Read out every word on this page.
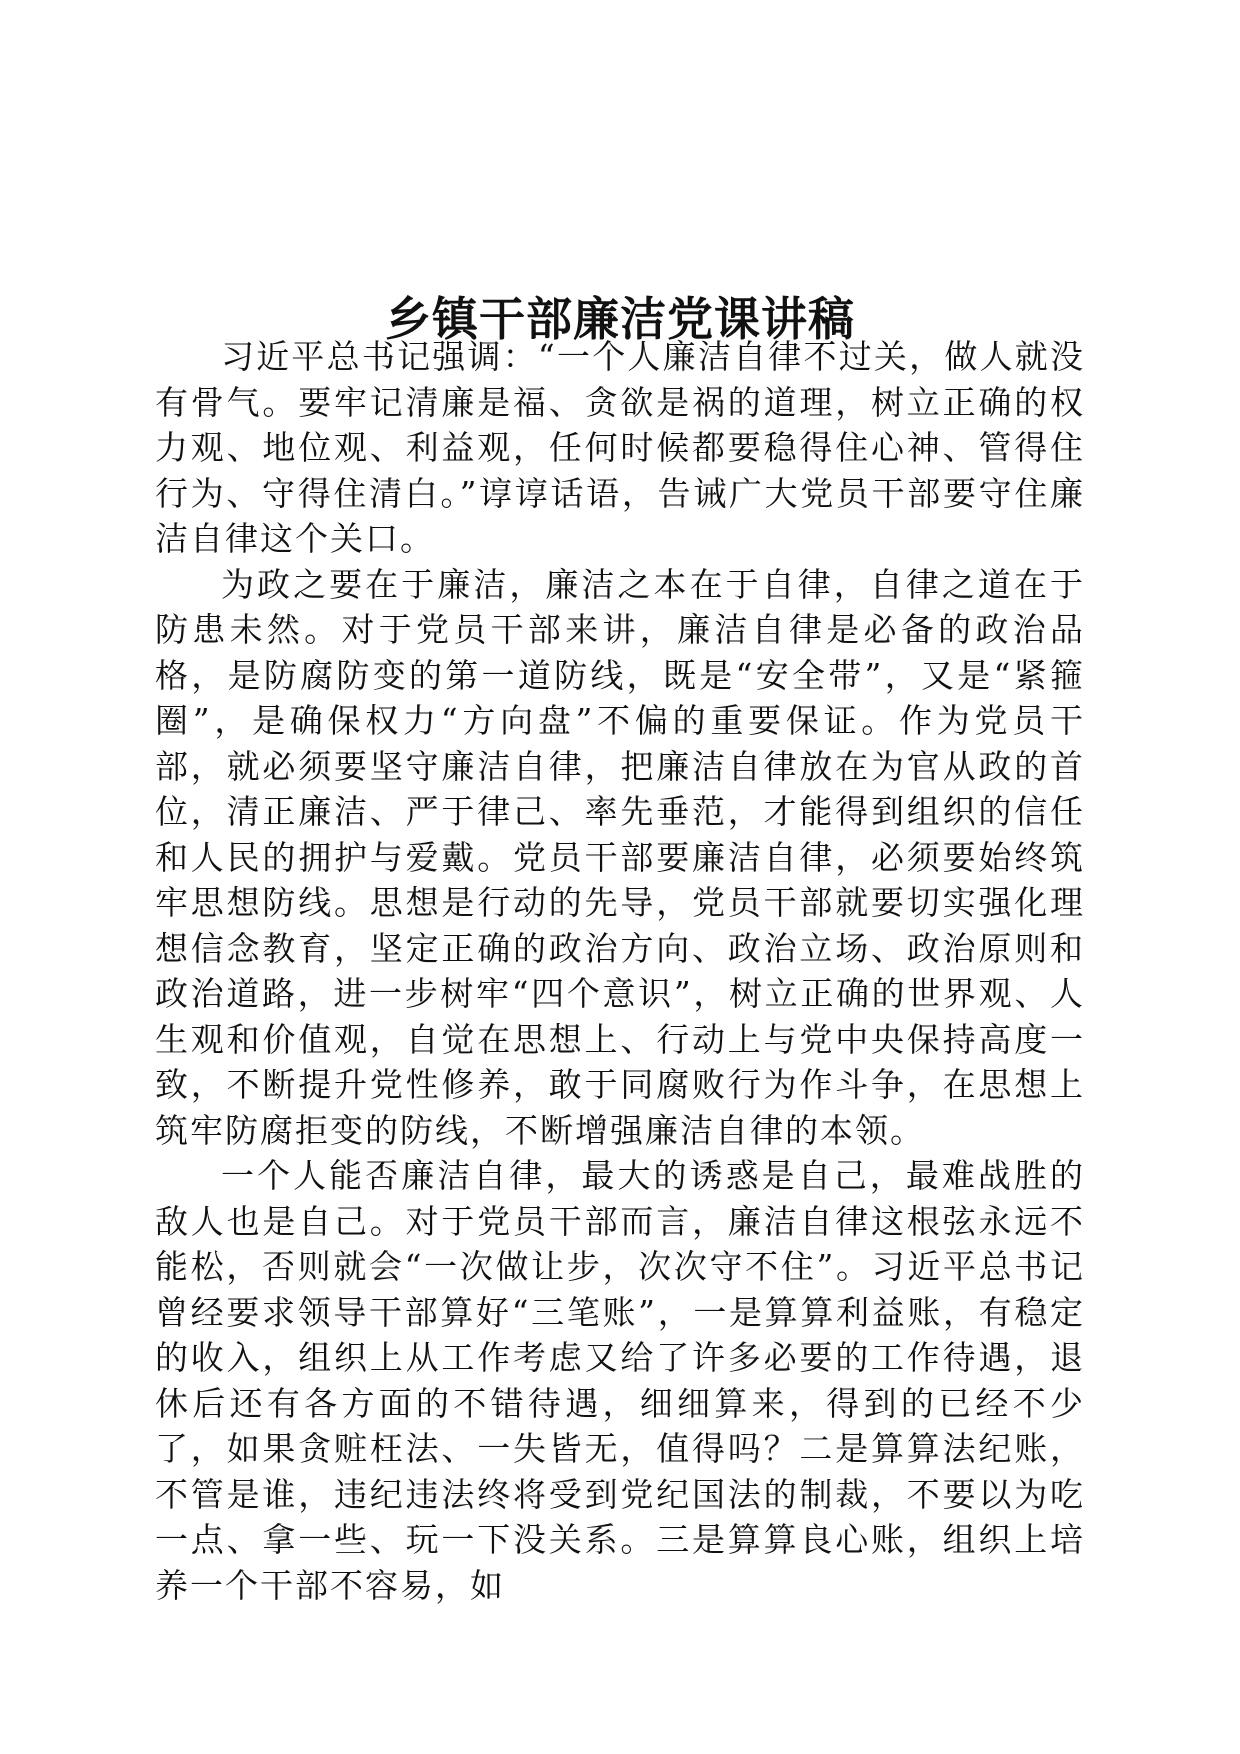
乡镇干部廉洁党课讲稿

习近平总书记强调：“一个人廉洁自律不过关，做人就没有骨气。要牢记清廉是福、贪欲是祸的道理，树立正确的权力观、地位观、利益观，任何时候都要稳得住心神、管得住行为、守得住清白。”谆谆话语，告诫广大党员干部要守住廉洁自律这个关口。

为政之要在于廉洁，廉洁之本在于自律，自律之道在于防患未然。对于党员干部来讲，廉洁自律是必备的政治品格，是防腐防变的第一道防线，既是“安全带”，又是“紧箍圈”，是确保权力“方向盘”不偏的重要保证。作为党员干部，就必须要坚守廉洁自律，把廉洁自律放在为官从政的首位，清正廉洁、严于律己、率先垂范，才能得到组织的信任和人民的拥护与爱戴。党员干部要廉洁自律，必须要始终筑牢思想防线。思想是行动的先导，党员干部就要切实强化理想信念教育，坚定正确的政治方向、政治立场、政治原则和政治道路，进一步树牢“四个意识”，树立正确的世界观、人生观和价值观，自觉在思想上、行动上与党中央保持高度一致，不断提升党性修养，敢于同腐败行为作斗争，在思想上筑牢防腐拒变的防线，不断增强廉洁自律的本领。

一个人能否廉洁自律，最大的诱惑是自己，最难战胜的敌人也是自己。对于党员干部而言，廉洁自律这根弦永远不能松，否则就会“一次做让步，次次守不住”。习近平总书记曾经要求领导干部算好“三笔账”，一是算算利益账，有稳定的收入，组织上从工作考虑又给了许多必要的工作待遇，退休后还有各方面的不错待遇，细细算来，得到的已经不少了，如果贪赃枉法、一失皆无，值得吗？二是算算法纪账，不管是谁，违纪违法终将受到党纪国法的制裁，不要以为吃一点、拿一些、玩一下没关系。三是算算良心账，组织上培养一个干部不容易，如
